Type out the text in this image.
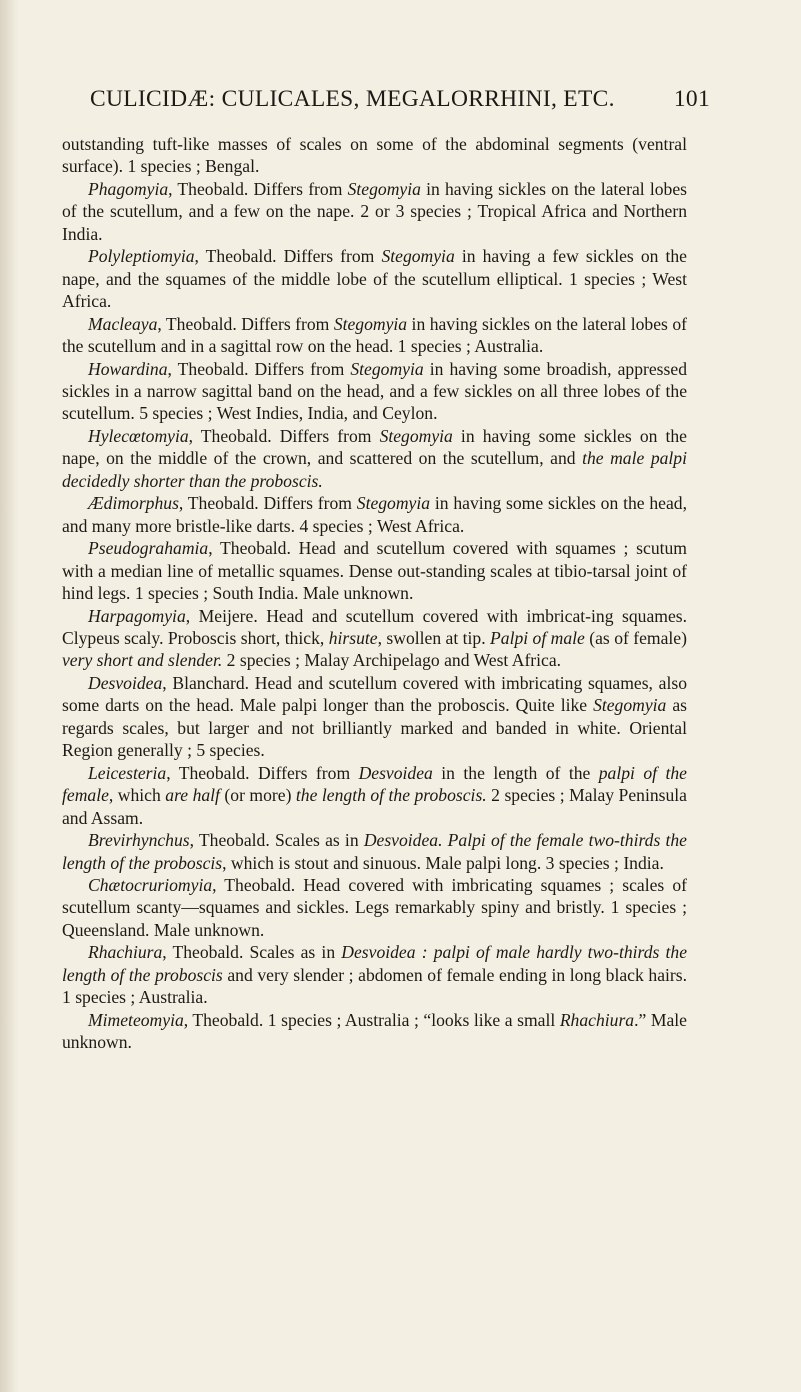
CULICIDÆ: CULICALES, MEGALORRHINI, ETC.	101

outstanding tuft-like masses of scales on some of the abdominal segments (ventral surface). 1 species ; Bengal.

Phagomyia, Theobald. Differs from Stegomyia in having sickles on the lateral lobes of the scutellum, and a few on the nape. 2 or 3 species ; Tropical Africa and Northern India.

Polyleptiomyia, Theobald. Differs from Stegomyia in having a few sickles on the nape, and the squames of the middle lobe of the scutellum elliptical. 1 species ; West Africa.

Macleaya, Theobald. Differs from Stegomyia in having sickles on the lateral lobes of the scutellum and in a sagittal row on the head. 1 species ; Australia.

Howardina, Theobald. Differs from Stegomyia in having some broadish, appressed sickles in a narrow sagittal band on the head, and a few sickles on all three lobes of the scutellum. 5 species ; West Indies, India, and Ceylon.

Hylecœtomyia, Theobald. Differs from Stegomyia in having some sickles on the nape, on the middle of the crown, and scattered on the scutellum, and the male palpi decidedly shorter than the proboscis.

Ædimorphus, Theobald. Differs from Stegomyia in having some sickles on the head, and many more bristle-like darts. 4 species ; West Africa.

Pseudograhamia, Theobald. Head and scutellum covered with squames ; scutum with a median line of metallic squames. Dense out-standing scales at tibio-tarsal joint of hind legs. 1 species ; South India. Male unknown.

Harpagomyia, Meijere. Head and scutellum covered with imbricat-ing squames. Clypeus scaly. Proboscis short, thick, hirsute, swollen at tip. Palpi of male (as of female) very short and slender. 2 species ; Malay Archipelago and West Africa.

Desvoidea, Blanchard. Head and scutellum covered with imbricating squames, also some darts on the head. Male palpi longer than the proboscis. Quite like Stegomyia as regards scales, but larger and not brilliantly marked and banded in white. Oriental Region generally ; 5 species.

Leicesteria, Theobald. Differs from Desvoidea in the length of the palpi of the female, which are half (or more) the length of the proboscis. 2 species ; Malay Peninsula and Assam.

Brevirhynchus, Theobald. Scales as in Desvoidea. Palpi of the female two-thirds the length of the proboscis, which is stout and sinuous. Male palpi long. 3 species ; India.

Chætocruriomyia, Theobald. Head covered with imbricating squames ; scales of scutellum scanty—squames and sickles. Legs remarkably spiny and bristly. 1 species ; Queensland. Male unknown.

Rhachiura, Theobald. Scales as in Desvoidea : palpi of male hardly two-thirds the length of the proboscis and very slender ; abdomen of female ending in long black hairs. 1 species ; Australia.

Mimeteomyia, Theobald. 1 species ; Australia ; “looks like a small Rhachiura.” Male unknown.
